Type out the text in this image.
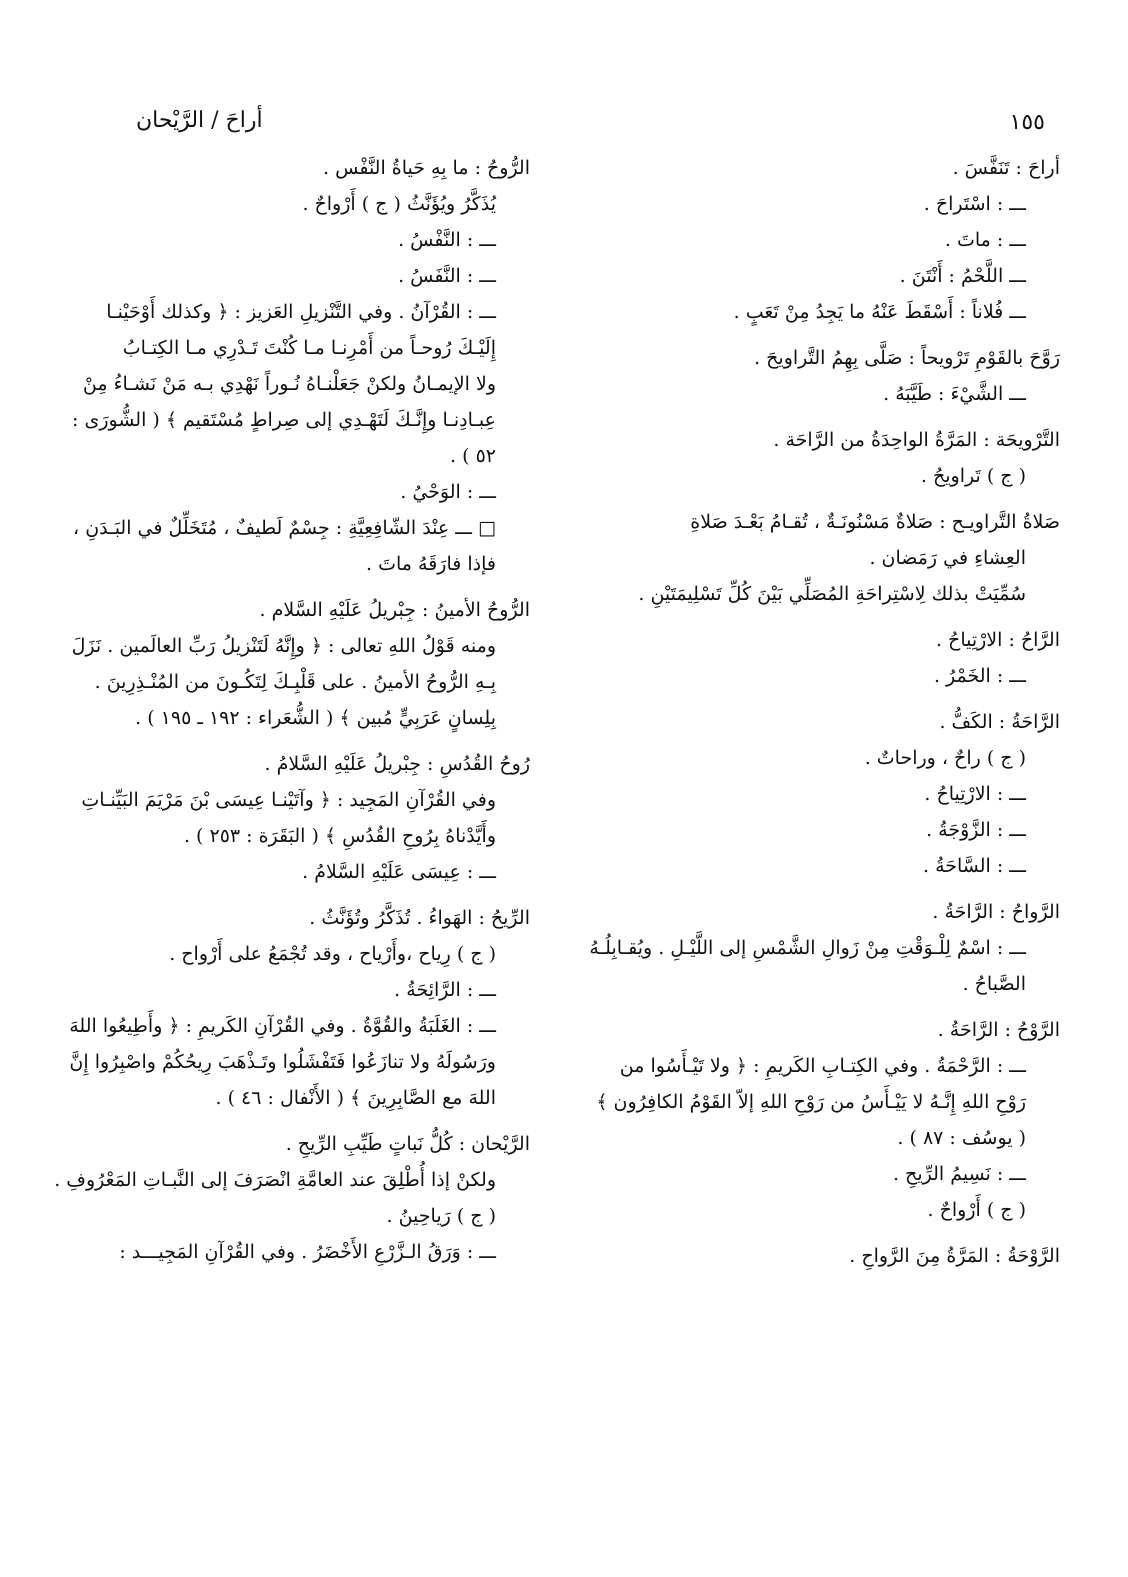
أراحَ / الرَّيْحان	١٥٥
أراحَ : تَنَفَّسَ .
ـــ : اسْتَراحَ .
ـــ : ماتَ .
ـــ اللَّحْمُ : أَنْتَنَ .
ـــ فُلاناً : أَسْقَطَ عَنْهُ ما يَجِدُ مِنْ تَعَبٍ .
رَوَّحَ بالقَوْمِ تَرْويحاً : صَلَّى بِهِمُ التَّراويحَ .
ـــ الشَّيْءَ : طَيَّبَهُ .
التَّرْويحَة : المَرَّةُ الواحِدَةُ من الرَّاحَة .
( ج ) تَراويحُ .
صَلاةُ التَّراويـح : صَلاةٌ مَسْنُونَـةٌ ، تُقـامُ بَعْـدَ صَلاةِ
العِشاءِ في رَمَضان .
سُمِّيَتْ بذلك لِاسْتِراحَةِ المُصَلِّي بَيْنَ كُلِّ تَسْلِيمَتَيْنِ .
الرَّاحُ : الارْتِياحُ .
ـــ : الخَمْرُ .
الرَّاحَةُ : الكَفُّ .
( ج ) راحٌ ، وراحاتٌ .
ـــ : الارْتِياحُ .
ـــ : الزَّوْجَةُ .
ـــ : السَّاحَةُ .
الرَّواحُ : الرَّاحَةُ .
ـــ : اسْمٌ لِلْـوَقْتِ مِنْ زَوالِ الشَّمْسِ إلى اللَّيْـلِ . ويُقـابِلُـهُ
الصَّباحُ .
الرَّوْحُ : الرَّاحَةُ .
ـــ : الرَّحْمَةُ . وفي الكِتـابِ الكَريمِ : ﴿ ولا تَيْـأَسُوا من
رَوْحِ اللهِ إِنَّـهُ لا يَيْـأَسُ من رَوْحِ اللهِ إلاّ القَوْمُ الكافِرُون ﴾
( يوسُف : ٨٧ ) .
ـــ : نَسِيمُ الرِّيحِ .
( ج ) أَرْواحٌ .
الرَّوْحَةُ : المَرَّةُ مِنَ الرَّواحِ .
الرُّوحُ : ما بِهِ حَياةُ النَّفْس .
يُذَكَّرُ ويُؤَنَّثُ ( ج ) أَرْواحٌ .
ـــ : النَّفْسُ .
ـــ : النَّفَسُ .
ـــ : القُرْآنُ . وفي التَّنْزيلِ العَزيز : ﴿ وكذلك أَوْحَيْنـا
إِلَيْـكَ رُوحـاً من أَمْرِنـا مـا كُنْتَ تَـدْرِي مـا الكِتـابُ
ولا الإيمـانُ ولكنْ جَعَلْنـاهُ نُـوراً نَهْدِي بـه مَنْ نَشـاءُ مِنْ
عِبـادِنـا وإِنَّـكَ لَتَهْـدِي إلى صِراطٍ مُسْتَقيم ﴾ ( الشُّورَى :
٥٢ ) .
ـــ : الوَحْيُ .
□ ـــ عِنْدَ الشّافِعِيَّةِ : جِسْمٌ لَطيفٌ ، مُتَخَلِّلٌ في البَـدَنِ ،
فإذا فارَقَهُ ماتَ .
الرُّوحُ الأمينُ : جِبْريلُ عَلَيْهِ السَّلام .
ومنه قَوْلُ اللهِ تعالى : ﴿ وإِنَّهُ لَتَنْزيلُ رَبِّ العالَمين . نَزَلَ
بِـهِ الرُّوحُ الأمينُ . على قَلْبِـكَ لِتَكُـونَ من المُنْـذِرِينَ .
بِلِسانٍ عَرَبِيٍّ مُبين ﴾ ( الشُّعَراء : ١٩٢ ـ ١٩٥ ) .
رُوحُ القُدُسِ : جِبْريلُ عَلَيْهِ السَّلامُ .
وفي القُرْآنِ المَجِيد : ﴿ وآتَيْنـا عِيسَى بْنَ مَرْيَمَ البَيِّنـاتِ
وأَيَّدْناهُ بِرُوحِ القُدُسِ ﴾ ( البَقَرَة : ٢٥٣ ) .
ـــ : عِيسَى عَلَيْهِ السَّلامُ .
الرِّيحُ : الهَواءُ . تُذَكَّرُ وتُؤَنَّثُ .
( ج ) رِياح ،وأَرْياح ، وقد تُجْمَعُ على أَرْواح .
ـــ : الرَّائِحَةُ .
ـــ : الغَلَبَةُ والقُوَّةُ . وفي القُرْآنِ الكَريمِ : ﴿ وأَطِيعُوا اللهَ
ورَسُولَهُ ولا تنازَعُوا فَتَفْشَلُوا وتَـذْهَبَ رِيحُكُمْ واصْبِرُوا إِنَّ
اللهَ مع الصَّابِرِينَ ﴾ ( الأَنْفال : ٤٦ ) .
الرَّيْحان : كُلُّ نَباتٍ طَيِّبِ الرِّيحِ .
ولكنْ إذا أُطْلِقَ عند العامَّةِ انْصَرَفَ إلى النَّبـاتِ المَعْرُوفِ .
( ج ) رَياحِينُ .
ـــ : وَرَقُ الـزَّرْعِ الأَخْضَرُ . وفي القُرْآنِ المَجِيـــد :
